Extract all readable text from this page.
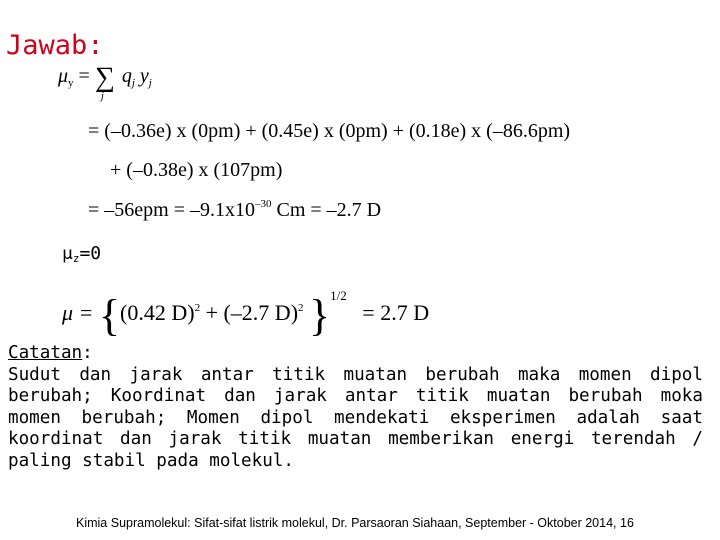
Jawab:
$\mu_y$ = ∑
j
$q_j$ $y_j$
= (–0.36e) x (0pm) + (0.45e) x (0pm) + (0.18e) x (–86.6pm)
+ (–0.38e) x (107pm)
= $-56epm = -9.1x10^{-30}$ Cm = –2.7 D
μz=0
μ = {(0.42 D)$^2$ + (–2.7 D)$^2$ }$^{1/2}$ = 2.7 D
Catatan:
Sudut dan jarak antar titik muatan berubah maka momen dipol berubah; Koordinat dan jarak antar titik muatan berubah moka momen berubah; Momen dipol mendekati eksperimen adalah saat koordinat dan jarak titik muatan memberikan energi terendah / paling stabil pada molekul.
Kimia Supramolekul: Sifat-sifat listrik molekul, Dr. Parsaoran Siahaan, September - Oktober 2014, 16
